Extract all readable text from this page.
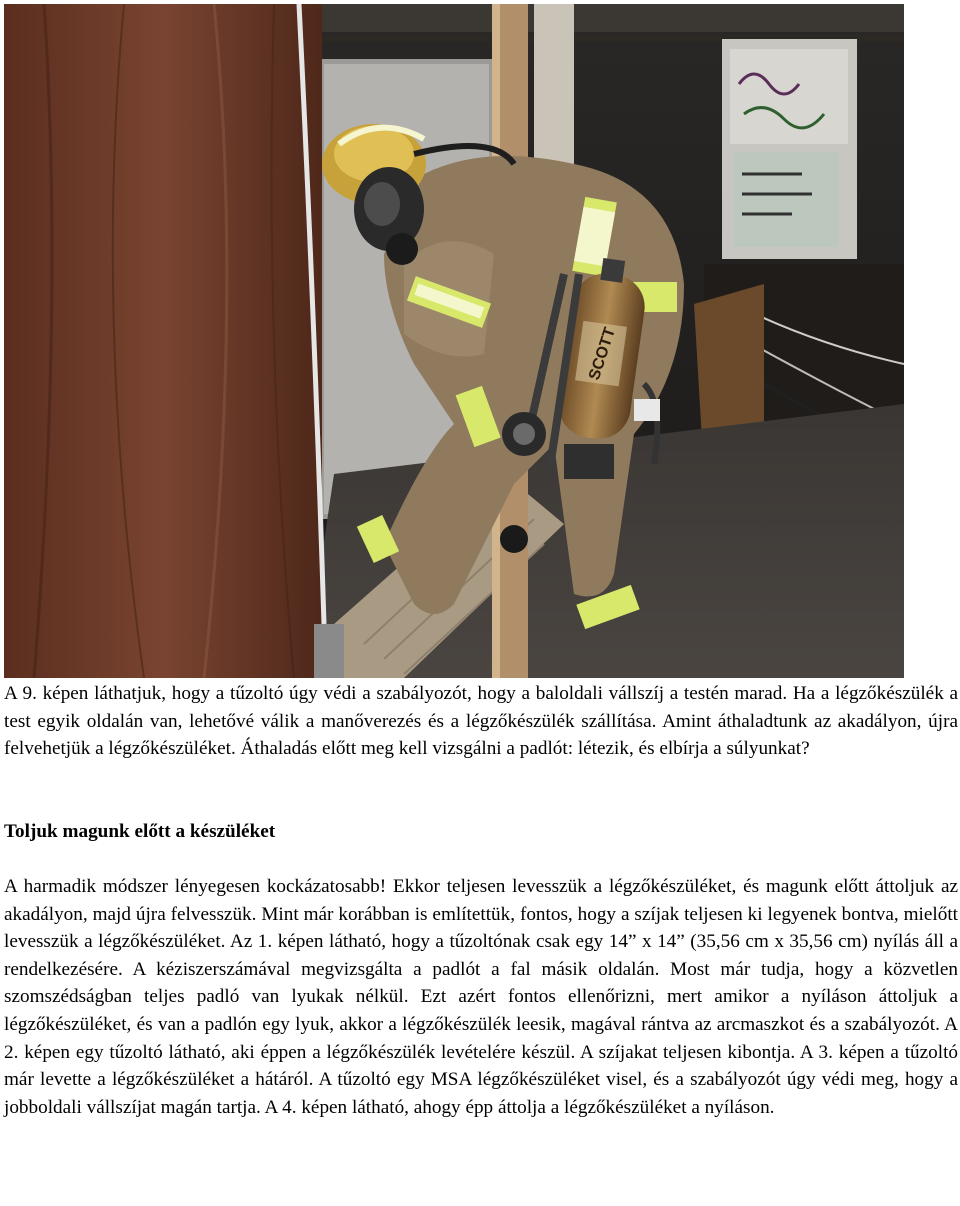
SCOTT

A 9. képen láthatjuk, hogy a tűzoltó úgy védi a szabályozót, hogy a baloldali vállszíj a testén marad. Ha a légzőkészülék a test egyik oldalán van, lehetővé válik a manőverezés és a légzőkészülék szállítása. Amint áthaladtunk az akadályon, újra felvehetjük a légzőkészüléket. Áthaladás előtt meg kell vizsgálni a padlót: létezik, és elbírja a súlyunkat?

Toljuk magunk előtt a készüléket

A harmadik módszer lényegesen kockázatosabb! Ekkor teljesen levesszük a légzőkészüléket, és magunk előtt áttoljuk az akadályon, majd újra felvesszük. Mint már korábban is említettük, fontos, hogy a szíjak teljesen ki legyenek bontva, mielőtt levesszük a légzőkészüléket. Az 1. képen látható, hogy a tűzoltónak csak egy 14” x 14” (35,56 cm x 35,56 cm) nyílás áll a rendelkezésére. A kéziszerszámával megvizsgálta a padlót a fal másik oldalán. Most már tudja, hogy a közvetlen szomszédságban teljes padló van lyukak nélkül. Ezt azért fontos ellenőrizni, mert amikor a nyíláson áttoljuk a légzőkészüléket, és van a padlón egy lyuk, akkor a légzőkészülék leesik, magával rántva az arcmaszkot és a szabályozót. A 2. képen egy tűzoltó látható, aki éppen a légzőkészülék levételére készül. A szíjakat teljesen kibontja. A 3. képen a tűzoltó már levette a légzőkészüléket a hátáról. A tűzoltó egy MSA légzőkészüléket visel, és a szabályozót úgy védi meg, hogy a jobboldali vállszíjat magán tartja. A 4. képen látható, ahogy épp áttolja a légzőkészüléket a nyíláson.
